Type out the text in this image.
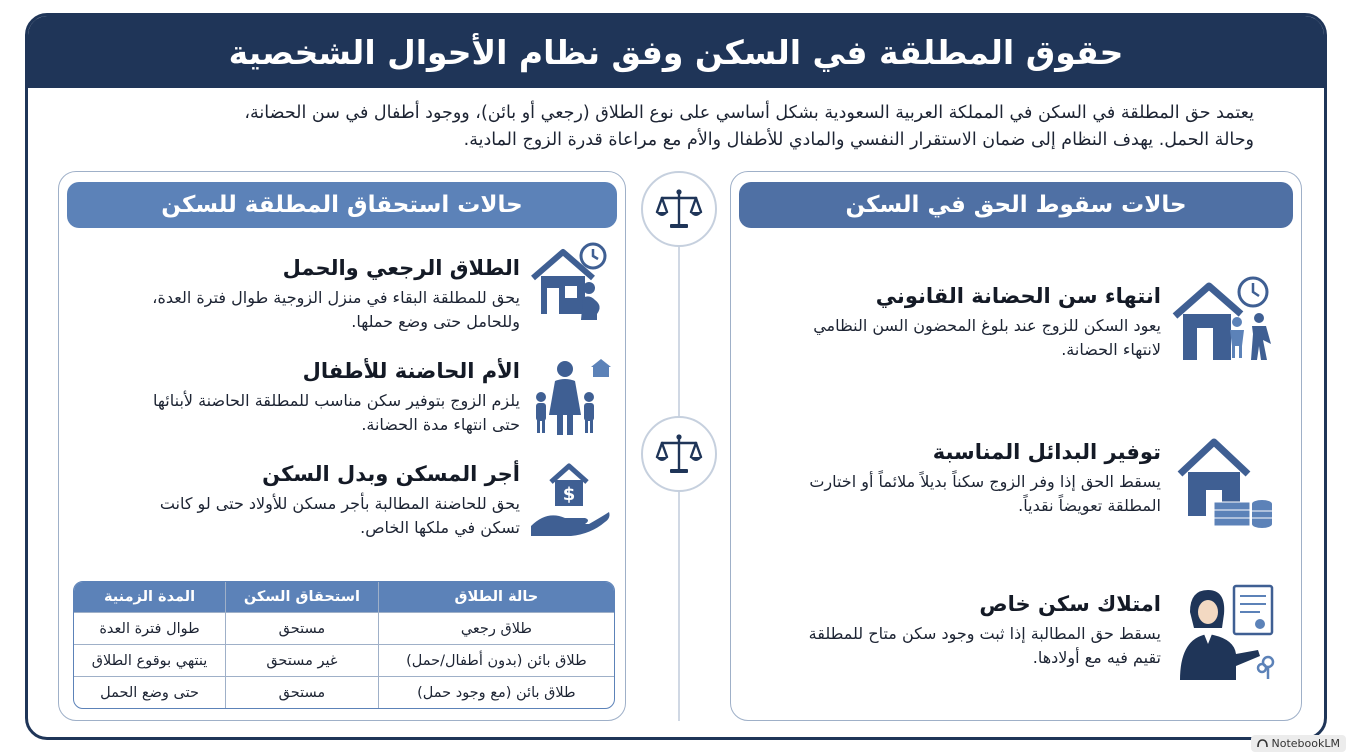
حقوق المطلقة في السكن وفق نظام الأحوال الشخصية
يعتمد حق المطلقة في السكن في المملكة العربية السعودية بشكل أساسي على نوع الطلاق (رجعي أو بائن)، ووجود أطفال في سن الحضانة،
وحالة الحمل. يهدف النظام إلى ضمان الاستقرار النفسي والمادي للأطفال والأم مع مراعاة قدرة الزوج المادية.
حالات استحقاق المطلقة للسكن
الطلاق الرجعي والحمل

يحق للمطلقة البقاء في منزل الزوجية طوال فترة العدة،
وللحامل حتى وضع حملها.

الأم الحاضنة للأطفال

يلزم الزوج بتوفير سكن مناسب للمطلقة الحاضنة لأبنائها
حتى انتهاء مدة الحضانة.

$
أجر المسكن وبدل السكن

يحق للحاضنة المطالبة بأجر مسكن للأولاد حتى لو كانت
تسكن في ملكها الخاص.

حالة الطلاق	استحقاق السكن	المدة الزمنية
طلاق رجعي	مستحق	طوال فترة العدة
طلاق بائن (بدون أطفال/حمل)	غير مستحق	ينتهي بوقوع الطلاق
طلاق بائن (مع وجود حمل)	مستحق	حتى وضع الحمل
حالات سقوط الحق في السكن
انتهاء سن الحضانة القانوني

يعود السكن للزوج عند بلوغ المحضون السن النظامي
لانتهاء الحضانة.

توفير البدائل المناسبة

يسقط الحق إذا وفر الزوج سكناً بديلاً ملائماً أو اختارت
المطلقة تعويضاً نقدياً.

امتلاك سكن خاص

يسقط حق المطالبة إذا ثبت وجود سكن متاح للمطلقة
تقيم فيه مع أولادها.

NotebookLM
